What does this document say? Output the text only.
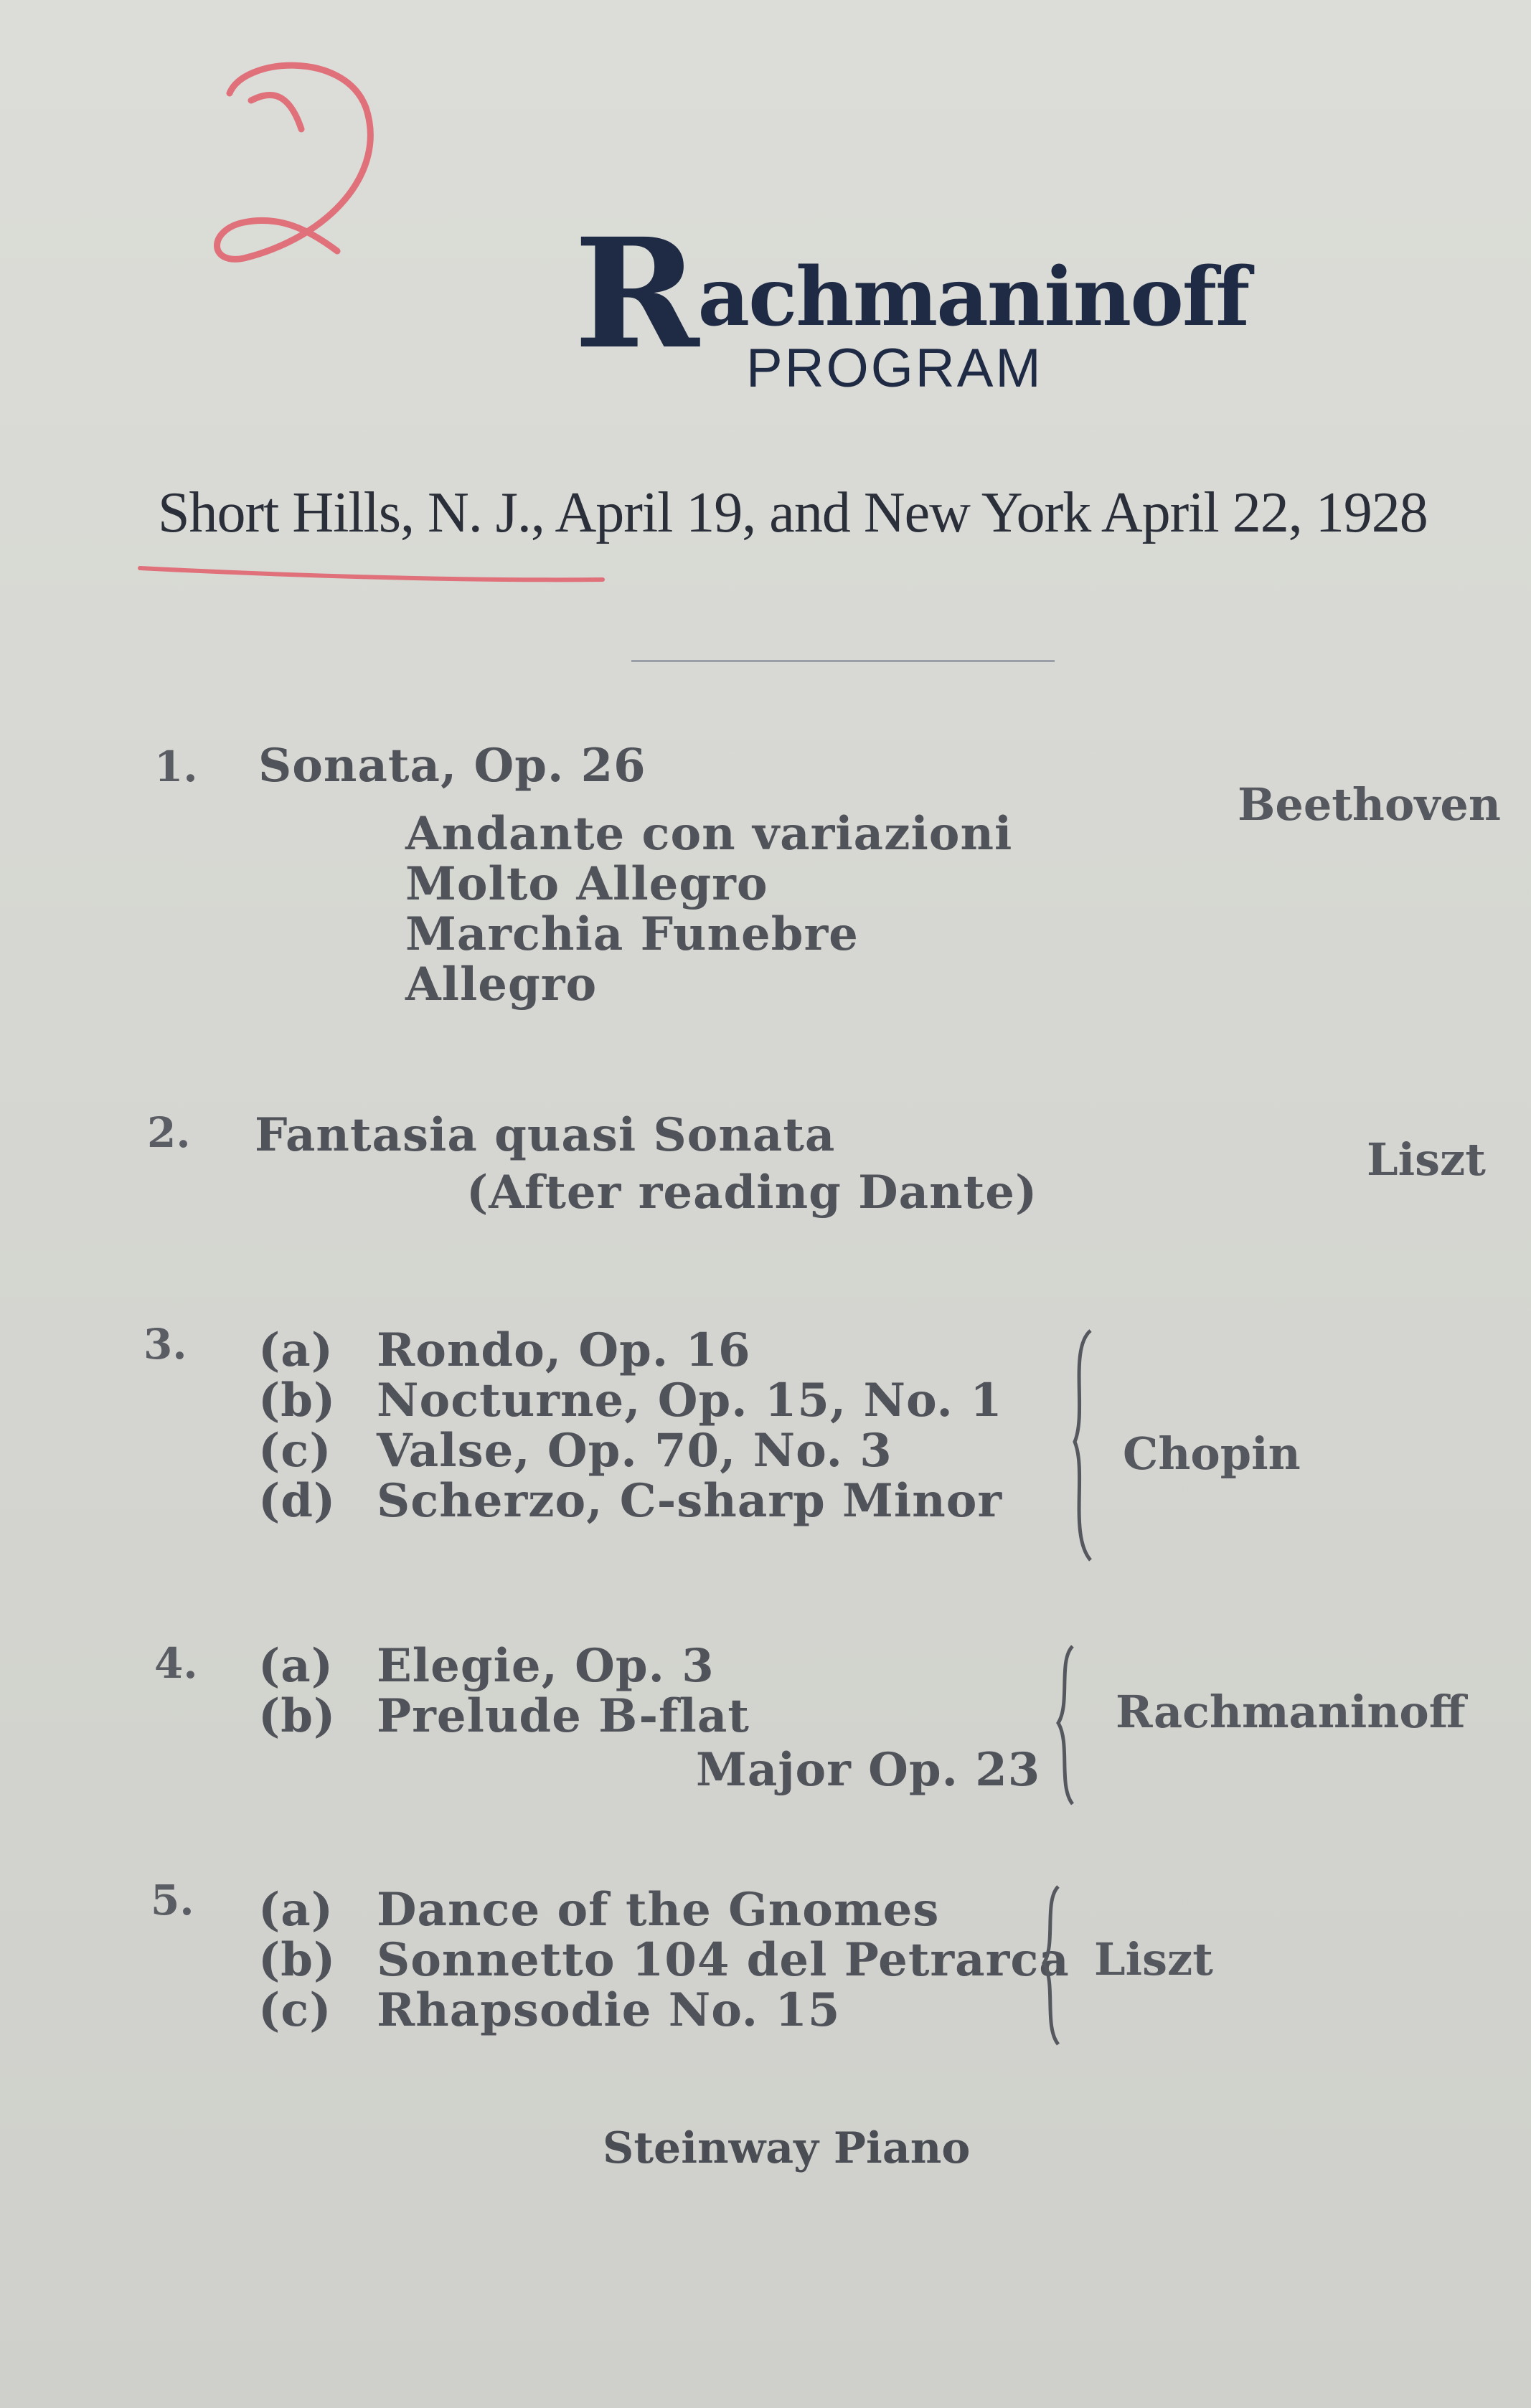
Rachmaninoff
PROGRAM
Short Hills, N. J., April 19, and New York April 22, 1928
1. Sonata, Op. 26
Beethoven
Andante con variazioni
Molto Allegro
Marchia Funebre
Allegro
2. Fantasia quasi Sonata	Liszt
(After reading Dante)
3. (a) Rondo, Op. 16
(b) Nocturne, Op. 15, No. 1
(c) Valse, Op. 70, No. 3
(d) Scherzo, C-sharp Minor
Chopin
4. (a) Elegie, Op. 3
(b) Prelude B-flat
Major Op. 23
Rachmaninoff
5. (a) Dance of the Gnomes
(b) Sonnetto 104 del Petrarca
(c) Rhapsodie No. 15
Liszt
Steinway Piano
